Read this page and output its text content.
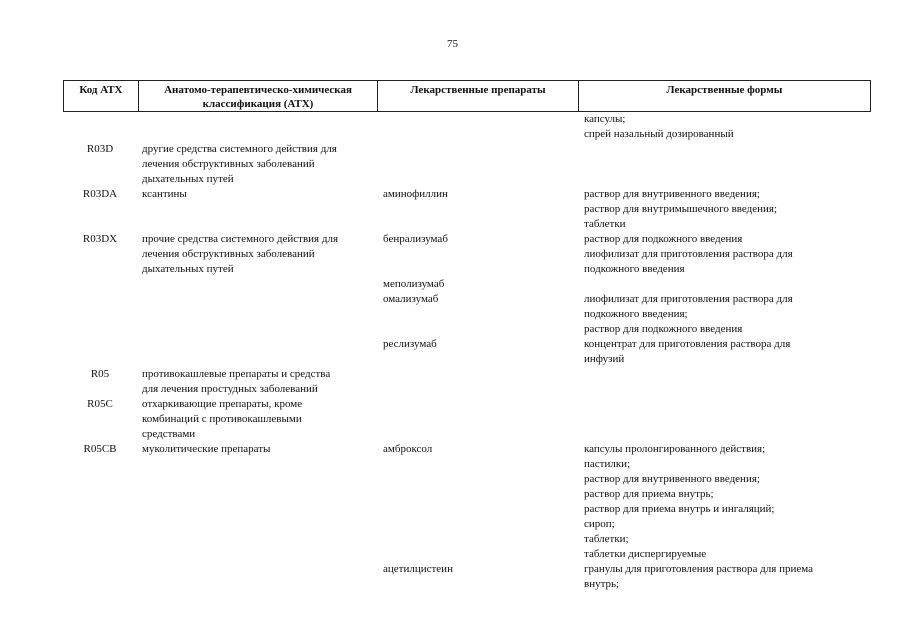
75
Код АТХ	Анатомо-терапевтическо-химическая
классификация (АТХ)
Лекарственные препараты	Лекарственные формы
капсулы;
спрей назальный дозированный
R03D	другие средства системного действия для
лечения обструктивных заболеваний
дыхательных путей
R03DA	ксантины	аминофиллин	раствор для внутривенного введения;
раствор для внутримышечного введения;
таблетки
R03DX	прочие средства системного действия для
лечения обструктивных заболеваний
дыхательных путей
бенрализумаб	раствор для подкожного введения
лиофилизат для приготовления раствора для
подкожного введения
меполизумаб
омализумаб	лиофилизат для приготовления раствора для
подкожного введения;
раствор для подкожного введения
реслизумаб	концентрат для приготовления раствора для
инфузий
R05	противокашлевые препараты и средства
для лечения простудных заболеваний
R05C	отхаркивающие препараты, кроме
комбинаций с противокашлевыми
средствами
R05CB	муколитические препараты	амброксол	капсулы пролонгированного действия;
пастилки;
раствор для внутривенного введения;
раствор для приема внутрь;
раствор для приема внутрь и ингаляций;
сироп;
таблетки;
таблетки диспергируемые
ацетилцистеин	гранулы для приготовления раствора для приема
внутрь;
